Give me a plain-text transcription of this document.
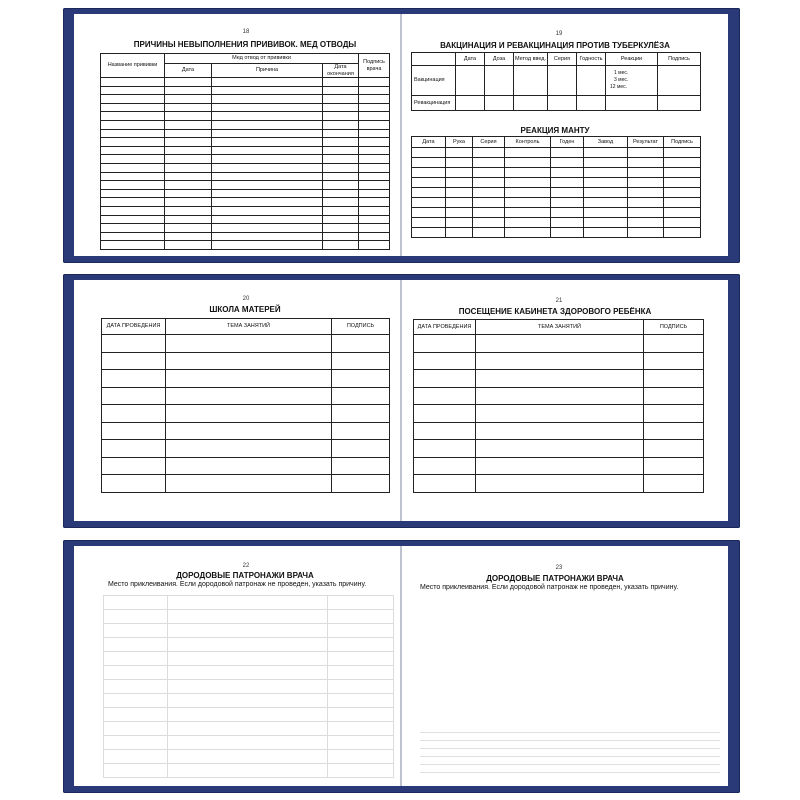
18
ПРИЧИНЫ НЕВЫПОЛНЕНИЯ ПРИВИВОК. МЕД ОТВОДЫ
Название прививки	Мед отвод от прививки			Подпись врача
	Дата	Причина	Дата окончания	

19
ВАКЦИНАЦИЯ И РЕВАКЦИНАЦИЯ ПРОТИВ ТУБЕРКУЛЁЗА
	Дата	Доза	Метод введ.	Серия	Годность	Реакции	Подпись
Вакцинация						1 мес.
3 мес.
12 мес.	

Ревакцинация							
РЕАКЦИЯ МАНТУ
Дата	Рука	Серия	Контроль	Годен	Завод	Результат	Подпись

20
ШКОЛА МАТЕРЕЙ
ДАТА ПРОВЕДЕНИЯ	ТЕМА ЗАНЯТИЙ	ПОДПИСЬ

21
ПОСЕЩЕНИЕ КАБИНЕТА ЗДОРОВОГО РЕБЁНКА
ДАТА ПРОВЕДЕНИЯ	ТЕМА ЗАНЯТИЙ	ПОДПИСЬ

22
ДОРОДОВЫЕ ПАТРОНАЖИ ВРАЧА
Место приклеивания. Если дородовой патронаж не проведен, указать причину.

23
ДОРОДОВЫЕ ПАТРОНАЖИ ВРАЧА
Место приклеивания. Если дородовой патронаж не проведен, указать причину.
